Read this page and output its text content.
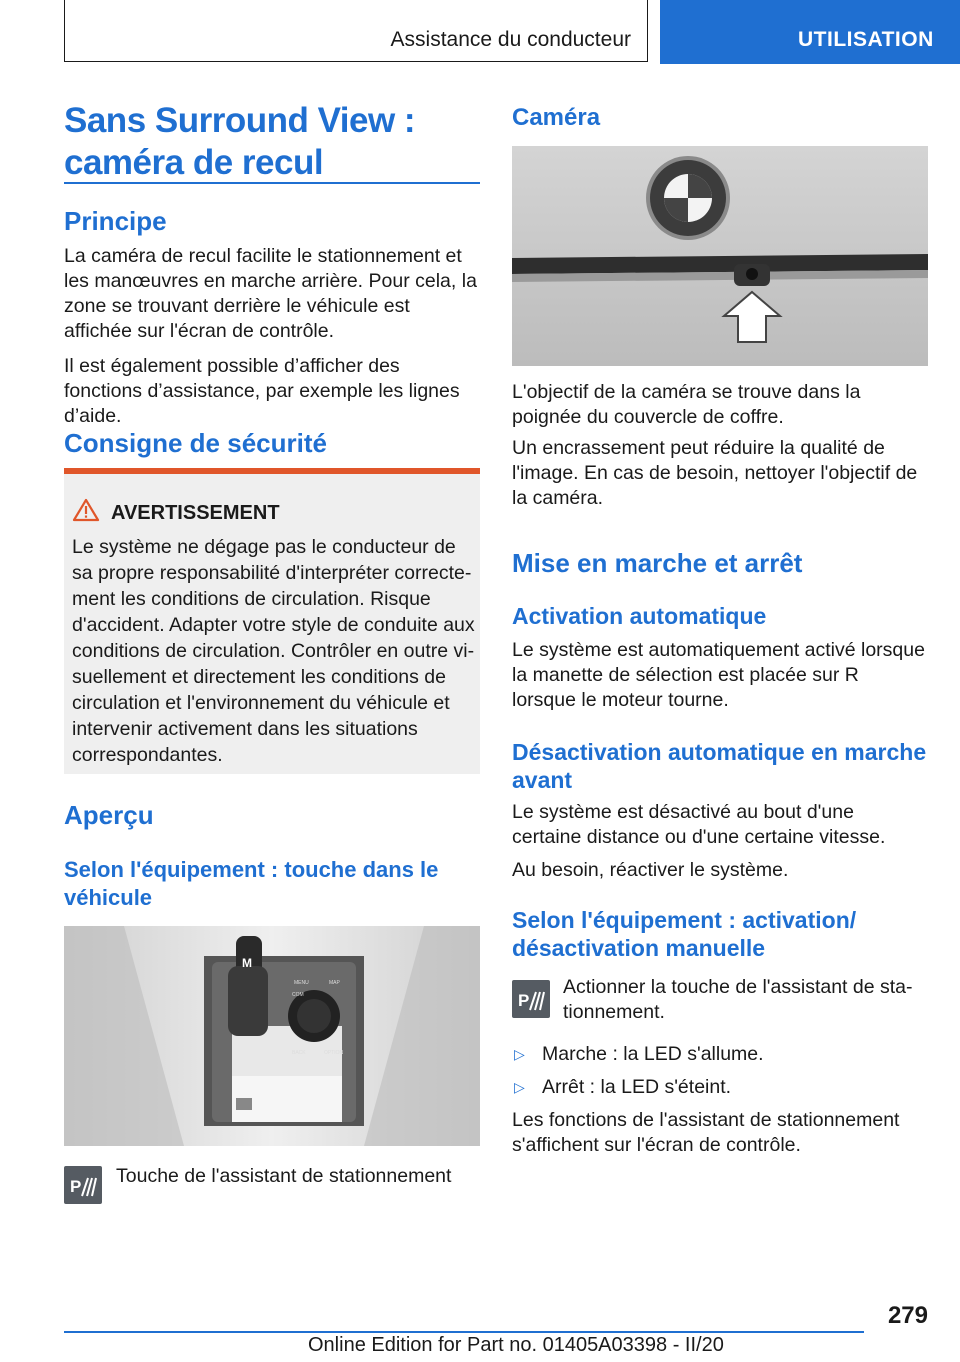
Assistance du conducteur	UTILISATION
Sans Surround View : caméra de recul
Principe

La caméra de recul facilite le stationnement et les manœuvres en marche arrière. Pour cela, la zone se trouvant derrière le véhicule est affichée sur l'écran de contrôle.

Il est également possible d’afficher des fonctions d’assistance, par exemple les lignes d’aide.

Consigne de sécurité
AVERTISSEMENT

Le système ne dégage pas le conducteur de sa propre responsabilité d'interpréter correctement les conditions de circulation. Risque d'accident. Adapter votre style de conduite aux conditions de circulation. Contrôler en outre visuellement et directement les conditions de circulation et l'environnement du véhicule et intervenir activement dans les situations correspondantes.

Aperçu
Selon l'équipement : touche dans le véhicule
M
MENU	MAP
COM
BACK	OPTION
P Touche de l'assistant de stationnement

Caméra

L'objectif de la caméra se trouve dans la poignée du couvercle de coffre.

Un encrassement peut réduire la qualité de l'image. En cas de besoin, nettoyer l'objectif de la caméra.

Mise en marche et arrêt
Activation automatique

Le système est automatiquement activé lorsque la manette de sélection est placée sur R lorsque le moteur tourne.

Désactivation automatique en marche avant

Le système est désactivé au bout d'une certaine distance ou d'une certaine vitesse.

Au besoin, réactiver le système.

Selon l'équipement : activation/ désactivation manuelle
P

Actionner la touche de l'assistant de stationnement.

▷ Marche : la LED s'allume.
▷ Arrêt : la LED s'éteint.

Les fonctions de l'assistant de stationnement s'affichent sur l'écran de contrôle.

279
Online Edition for Part no. 01405A03398 - II/20
